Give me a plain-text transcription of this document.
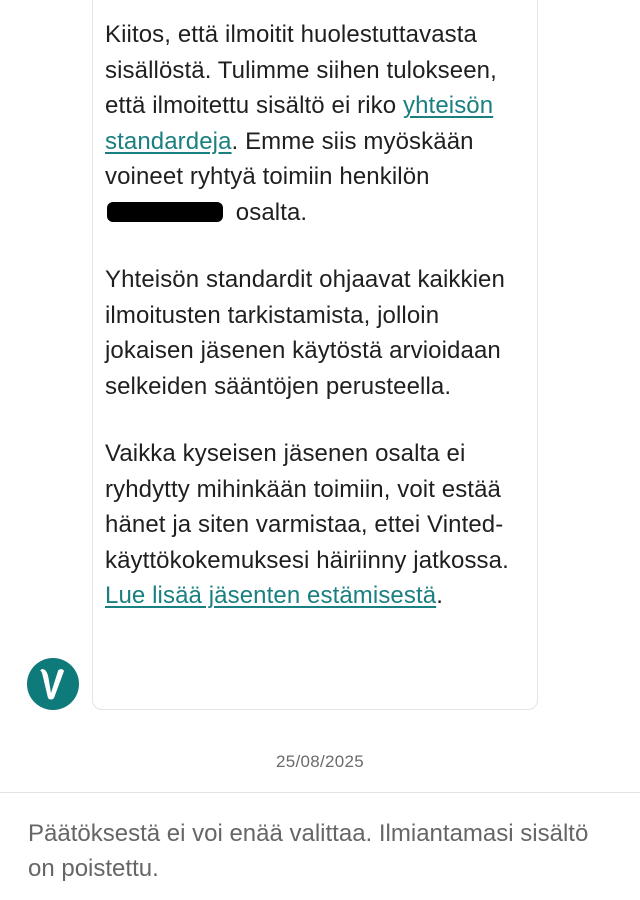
Kiitos, että ilmoitit huolestuttavasta sisällöstä. Tulimme siihen tulokseen, että ilmoitettu sisältö ei riko yhteisön standardeja. Emme siis myöskään voineet ryhtyä toimiin henkilön  osalta.

Yhteisön standardit ohjaavat kaikkien ilmoitusten tarkistamista, jolloin jokaisen jäsenen käytöstä arvioidaan selkeiden sääntöjen perusteella.

Vaikka kyseisen jäsenen osalta ei ryhdytty mihinkään toimiin, voit estää hänet ja siten varmistaa, ettei Vinted-käyttökokemuksesi häiriinny jatkossa. Lue lisää jäsenten estämisestä.

25/08/2025

Päätöksestä ei voi enää valittaa. Ilmiantamasi sisältö on poistettu.
